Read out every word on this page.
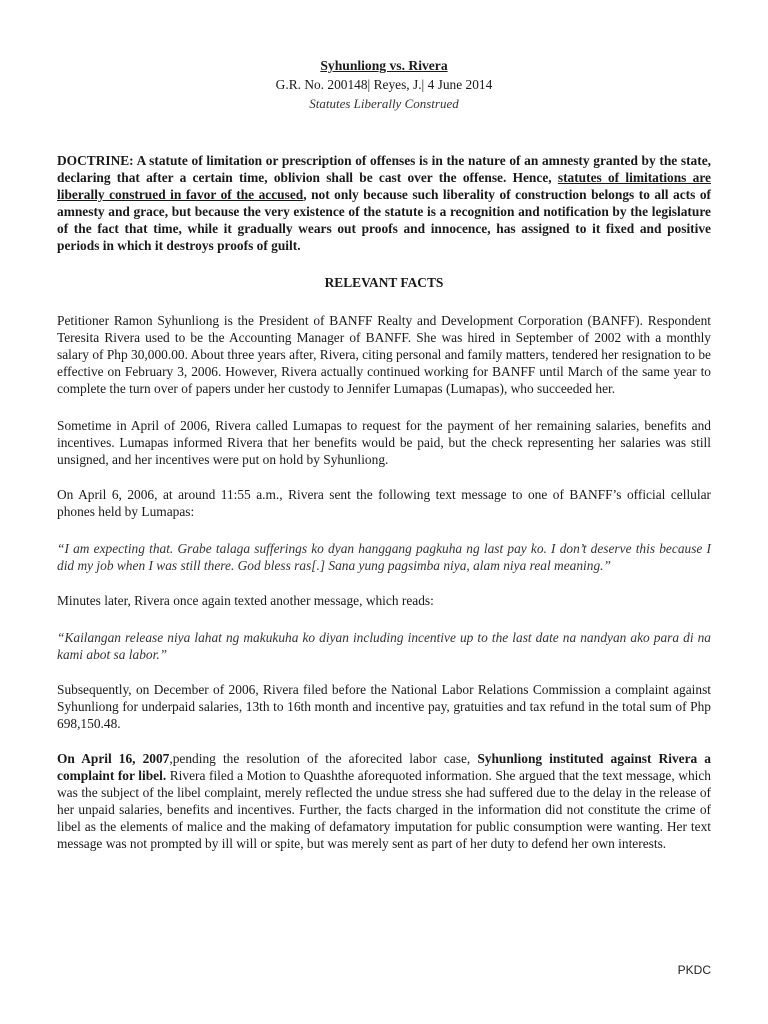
Syhunliong vs. Rivera
G.R. No. 200148| Reyes, J.| 4 June 2014
Statutes Liberally Construed

DOCTRINE: A statute of limitation or prescription of offenses is in the nature of an amnesty granted by the state, declaring that after a certain time, oblivion shall be cast over the offense. Hence, statutes of limitations are liberally construed in favor of the accused, not only because such liberality of construction belongs to all acts of amnesty and grace, but because the very existence of the statute is a recognition and notification by the legislature of the fact that time, while it gradually wears out proofs and innocence, has assigned to it fixed and positive periods in which it destroys proofs of guilt.

RELEVANT FACTS

Petitioner Ramon Syhunliong is the President of BANFF Realty and Development Corporation (BANFF). Respondent Teresita Rivera used to be the Accounting Manager of BANFF. She was hired in September of 2002 with a monthly salary of Php 30,000.00. About three years after, Rivera, citing personal and family matters, tendered her resignation to be effective on February 3, 2006. However, Rivera actually continued working for BANFF until March of the same year to complete the turn over of papers under her custody to Jennifer Lumapas (Lumapas), who succeeded her.

Sometime in April of 2006, Rivera called Lumapas to request for the payment of her remaining salaries, benefits and incentives. Lumapas informed Rivera that her benefits would be paid, but the check representing her salaries was still unsigned, and her incentives were put on hold by Syhunliong.

On April 6, 2006, at around 11:55 a.m., Rivera sent the following text message to one of BANFF’s official cellular phones held by Lumapas:

“I am expecting that. Grabe talaga sufferings ko dyan hanggang pagkuha ng last pay ko. I don’t deserve this because I did my job when I was still there. God bless ras[.] Sana yung pagsimba niya, alam niya real meaning.”

Minutes later, Rivera once again texted another message, which reads:

“Kailangan release niya lahat ng makukuha ko diyan including incentive up to the last date na nandyan ako para di na kami abot sa labor.”

Subsequently, on December of 2006, Rivera filed before the National Labor Relations Commission a complaint against Syhunliong for underpaid salaries, 13th to 16th month and incentive pay, gratuities and tax refund in the total sum of Php 698,150.48.

On April 16, 2007,pending the resolution of the aforecited labor case, Syhunliong instituted against Rivera a complaint for libel. Rivera filed a Motion to Quashthe aforequoted information. She argued that the text message, which was the subject of the libel complaint, merely reflected the undue stress she had suffered due to the delay in the release of her unpaid salaries, benefits and incentives. Further, the facts charged in the information did not constitute the crime of libel as the elements of malice and the making of defamatory imputation for public consumption were wanting. Her text message was not prompted by ill will or spite, but was merely sent as part of her duty to defend her own interests.

PKDC
